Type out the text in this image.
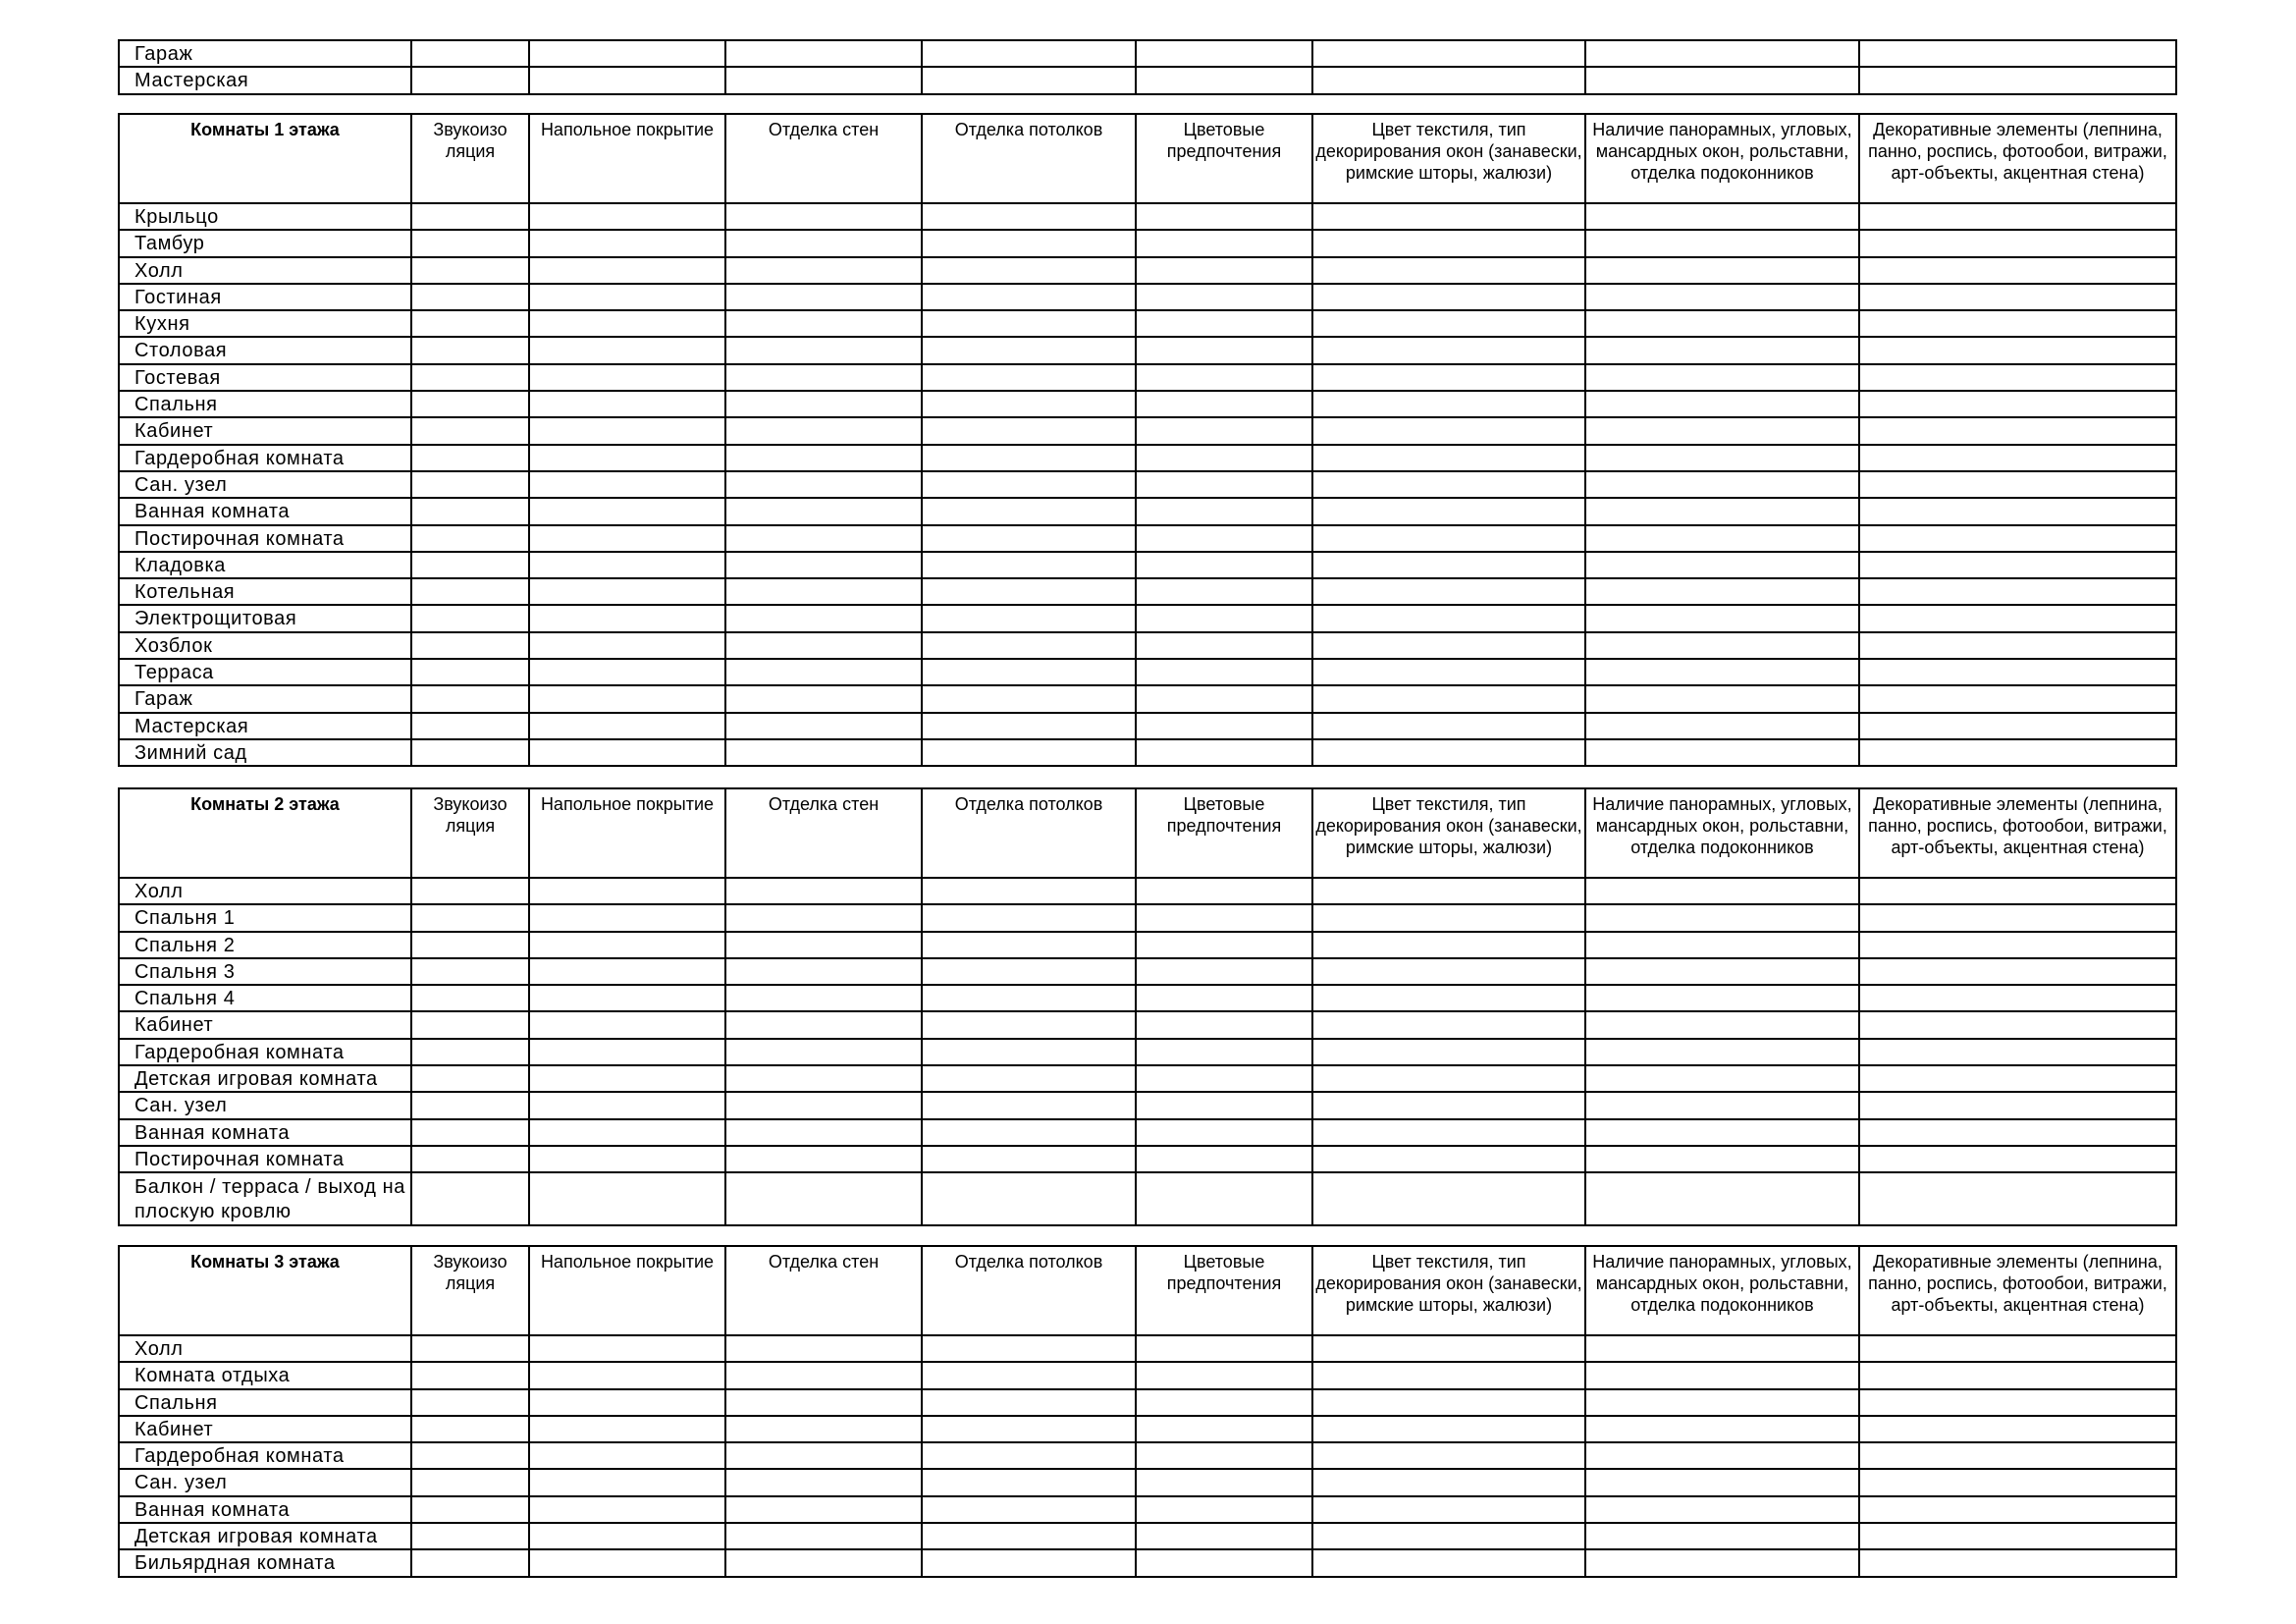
Гараж								
Мастерская								
Комнаты 1 этажа	Звукоизо ляция	Напольное покрытие	Отделка стен	Отделка потолков	Цветовые предпочтения	Цвет текстиля, тип декорирования окон (занавески, римские шторы, жалюзи)	Наличие панорамных, угловых, мансардных окон, рольставни, отделка подоконников	Декоративные элементы (лепнина, панно, роспись, фотообои, витражи, арт-объекты, акцентная стена)
Крыльцо								
Тамбур								
Холл								
Гостиная								
Кухня								
Столовая								
Гостевая								
Спальня								
Кабинет								
Гардеробная комната								
Сан. узел								
Ванная комната								
Постирочная комната								
Кладовка								
Котельная								
Электрощитовая								
Хозблок								
Терраса								
Гараж								
Мастерская								
Зимний сад								
Комнаты 2 этажа	Звукоизо ляция	Напольное покрытие	Отделка стен	Отделка потолков	Цветовые предпочтения	Цвет текстиля, тип декорирования окон (занавески, римские шторы, жалюзи)	Наличие панорамных, угловых, мансардных окон, рольставни, отделка подоконников	Декоративные элементы (лепнина, панно, роспись, фотообои, витражи, арт-объекты, акцентная стена)
Холл								
Спальня 1								
Спальня 2								
Спальня 3								
Спальня 4								
Кабинет								
Гардеробная комната								
Детская игровая комната								
Сан. узел								
Ванная комната								
Постирочная комната								
Балкон / терраса / выход на плоскую кровлю								
Комнаты 3 этажа	Звукоизо ляция	Напольное покрытие	Отделка стен	Отделка потолков	Цветовые предпочтения	Цвет текстиля, тип декорирования окон (занавески, римские шторы, жалюзи)	Наличие панорамных, угловых, мансардных окон, рольставни, отделка подоконников	Декоративные элементы (лепнина, панно, роспись, фотообои, витражи, арт-объекты, акцентная стена)
Холл								
Комната отдыха								
Спальня								
Кабинет								
Гардеробная комната								
Сан. узел								
Ванная комната								
Детская игровая комната								
Бильярдная комната								
